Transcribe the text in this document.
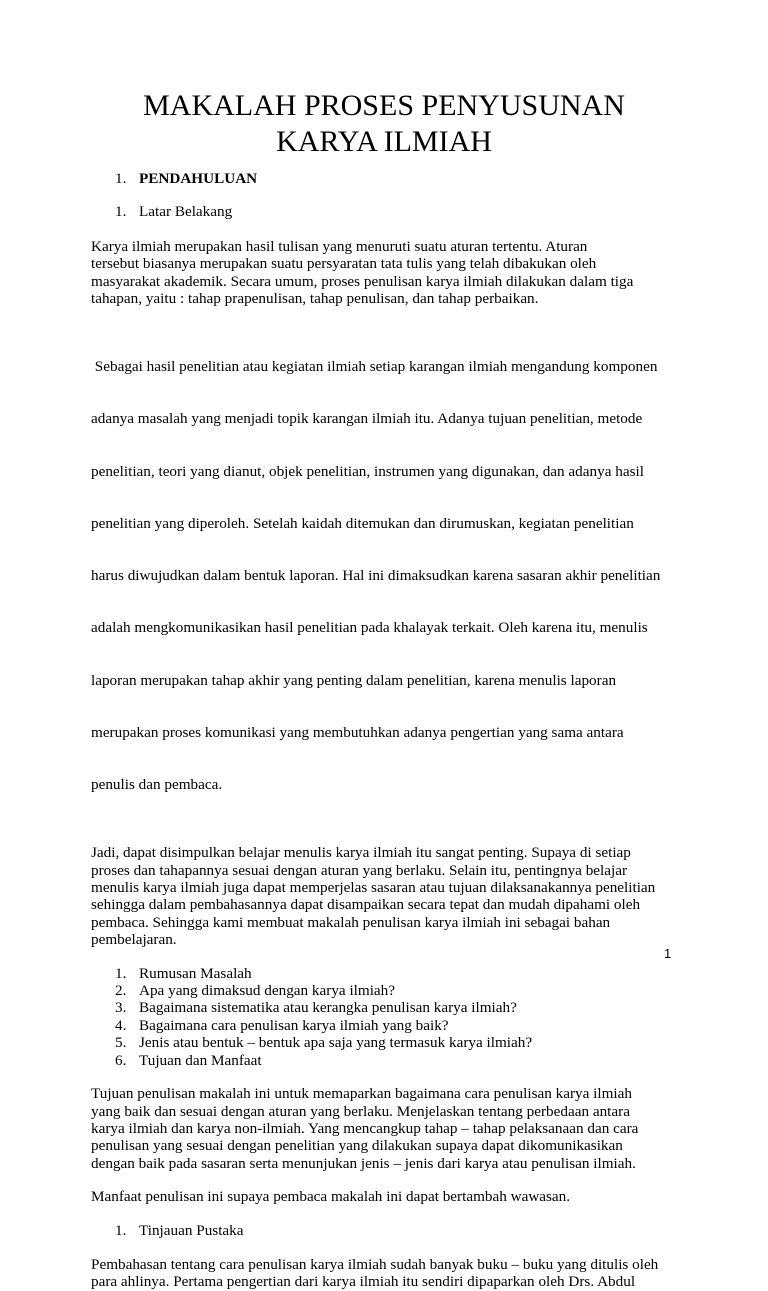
MAKALAH PROSES PENYUSUNAN
KARYA ILMIAH
1. PENDAHULUAN
1. Latar Belakang

Karya ilmiah merupakan hasil tulisan yang menuruti suatu aturan tertentu. Aturan
tersebut biasanya merupakan suatu persyaratan tata tulis yang telah dibakukan oleh
masyarakat akademik. Secara umum, proses penulisan karya ilmiah dilakukan dalam tiga
tahapan, yaitu : tahap prapenulisan, tahap penulisan, dan tahap perbaikan.

Sebagai hasil penelitian atau kegiatan ilmiah setiap karangan ilmiah mengandung komponen

adanya masalah yang menjadi topik karangan ilmiah itu. Adanya tujuan penelitian, metode

penelitian, teori yang dianut, objek penelitian, instrumen yang digunakan, dan adanya hasil

penelitian yang diperoleh. Setelah kaidah ditemukan dan dirumuskan, kegiatan penelitian

harus diwujudkan dalam bentuk laporan. Hal ini dimaksudkan karena sasaran akhir penelitian

adalah mengkomunikasikan hasil penelitian pada khalayak terkait. Oleh karena itu, menulis

laporan merupakan tahap akhir yang penting dalam penelitian, karena menulis laporan

merupakan proses komunikasi yang membutuhkan adanya pengertian yang sama antara

penulis dan pembaca.

Jadi, dapat disimpulkan belajar menulis karya ilmiah itu sangat penting. Supaya di setiap
proses dan tahapannya sesuai dengan aturan yang berlaku. Selain itu, pentingnya belajar
menulis karya ilmiah juga dapat memperjelas sasaran atau tujuan dilaksanakannya penelitian
sehingga dalam pembahasannya dapat disampaikan secara tepat dan mudah dipahami oleh
pembaca. Sehingga kami membuat makalah penulisan karya ilmiah ini sebagai bahan
pembelajaran.

1. Rumusan Masalah
2. Apa yang dimaksud dengan karya ilmiah?
3. Bagaimana sistematika atau kerangka penulisan karya ilmiah?
4. Bagaimana cara penulisan karya ilmiah yang baik?
5. Jenis atau bentuk – bentuk apa saja yang termasuk karya ilmiah?
6. Tujuan dan Manfaat

Tujuan penulisan makalah ini untuk memaparkan bagaimana cara penulisan karya ilmiah
yang baik dan sesuai dengan aturan yang berlaku. Menjelaskan tentang perbedaan antara
karya ilmiah dan karya non-ilmiah. Yang mencangkup tahap – tahap pelaksanaan dan cara
penulisan yang sesuai dengan penelitian yang dilakukan supaya dapat dikomunikasikan
dengan baik pada sasaran serta menunjukan jenis – jenis dari karya atau penulisan ilmiah.

Manfaat penulisan ini supaya pembaca makalah ini dapat bertambah wawasan.

1. Tinjauan Pustaka

Pembahasan tentang cara penulisan karya ilmiah sudah banyak buku – buku yang ditulis oleh
para ahlinya. Pertama pengertian dari karya ilmiah itu sendiri dipaparkan oleh Drs. Abdul

1
